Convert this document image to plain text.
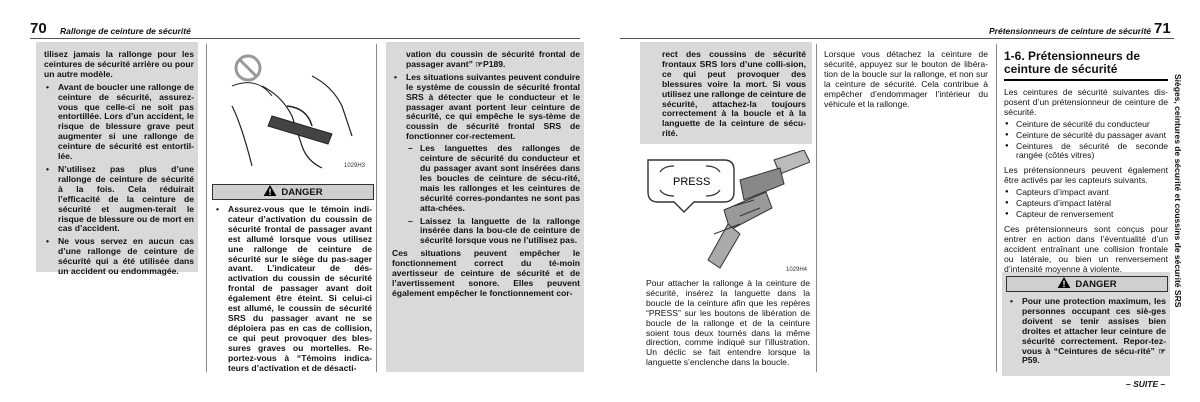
70 Rallonge de ceinture de sécurité
tilisez jamais la rallonge pour les ceintures de sécurité arrière ou pour un autre modèle.
• Avant de boucler une rallonge de ceinture de sécurité, assurez-vous que celle-ci ne soit pas entortillée. Lors d’un accident, le risque de blessure grave peut augmenter si une rallonge de ceinture de sécurité est entortil-lée.
• N’utilisez pas plus d’une rallonge de ceinture de sécurité à la fois. Cela réduirait l’efficacité de la ceinture de sécurité et augmen-terait le risque de blessure ou de mort en cas d’accident.
• Ne vous servez en aucun cas d’une rallonge de ceinture de sécurité qui a été utilisée dans un accident ou endommagée.
1029H3
DANGER
• Assurez-vous que le témoin indi-cateur d’activation du coussin de sécurité frontal de passager avant est allumé lorsque vous utilisez une rallonge de ceinture de sécurité sur le siège du pas-sager avant. L’indicateur de dés-activation du coussin de sécurité frontal de passager avant doit également être éteint. Si celui-ci est allumé, le coussin de sécurité SRS du passager avant ne se déploiera pas en cas de collision, ce qui peut provoquer des bles-sures graves ou mortelles. Re-portez-vous à “Témoins indica-teurs d’activation et de désacti-
vation du coussin de sécurité frontal de passager avant” ☞P189.
• Les situations suivantes peuvent conduire le système de coussin de sécurité frontal SRS à détecter que le conducteur et le passager avant portent leur ceinture de sécurité, ce qui empêche le sys-tème de coussin de sécurité frontal SRS de fonctionner cor-rectement.
– Les languettes des rallonges de ceinture de sécurité du conducteur et du passager avant sont insérées dans les boucles de ceinture de sécu-rité, mais les rallonges et les ceintures de sécurité corres-pondantes ne sont pas atta-chées.
– Laissez la languette de la rallonge insérée dans la bou-cle de ceinture de sécurité lorsque vous ne l’utilisez pas.
Ces situations peuvent empêcher le fonctionnement correct du té-moin avertisseur de ceinture de sécurité et de l’avertissement sonore. Elles peuvent également empêcher le fonctionnement cor-
Prétensionneurs de ceinture de sécurité 71
rect des coussins de sécurité frontaux SRS lors d’une colli-sion, ce qui peut provoquer des blessures voire la mort. Si vous utilisez une rallonge de ceinture de sécurité, attachez-la toujours correctement à la boucle et à la languette de la ceinture de sécu-rité.
PRESS
1029H4
Pour attacher la rallonge à la ceinture de sécurité, insérez la languette dans la boucle de la ceinture afin que les repères “PRESS” sur les boutons de libération de boucle de la rallonge et de la ceinture soient tous deux tournés dans la même direction, comme indiqué sur l’illustration. Un déclic se fait entendre lorsque la languette s’enclenche dans la boucle.
Lorsque vous détachez la ceinture de sécurité, appuyez sur le bouton de libéra-tion de la boucle sur la rallonge, et non sur la ceinture de sécurité. Cela contribue à empêcher d’endommager l’intérieur du véhicule et la rallonge.
1-6. Prétensionneurs de ceinture de sécurité
Les ceintures de sécurité suivantes dis-posent d’un prétensionneur de ceinture de sécurité.
● Ceinture de sécurité du conducteur
● Ceinture de sécurité du passager avant
● Ceintures de sécurité de seconde rangée (côtés vitres)
Les prétensionneurs peuvent également être activés par les capteurs suivants.
● Capteurs d’impact avant
● Capteurs d’impact latéral
● Capteur de renversement
Ces prétensionneurs sont conçus pour entrer en action dans l’éventualité d’un accident entraînant une collision frontale ou latérale, ou bien un renversement d’intensité moyenne à violente.
DANGER
• Pour une protection maximum, les personnes occupant ces siè-ges doivent se tenir assises bien droites et attacher leur ceinture de sécurité correctement. Repor-tez-vous à “Ceintures de sécu-rité” ☞P59.
– SUITE –
Sièges, ceintures de sécurité et coussins de sécurité SRS
